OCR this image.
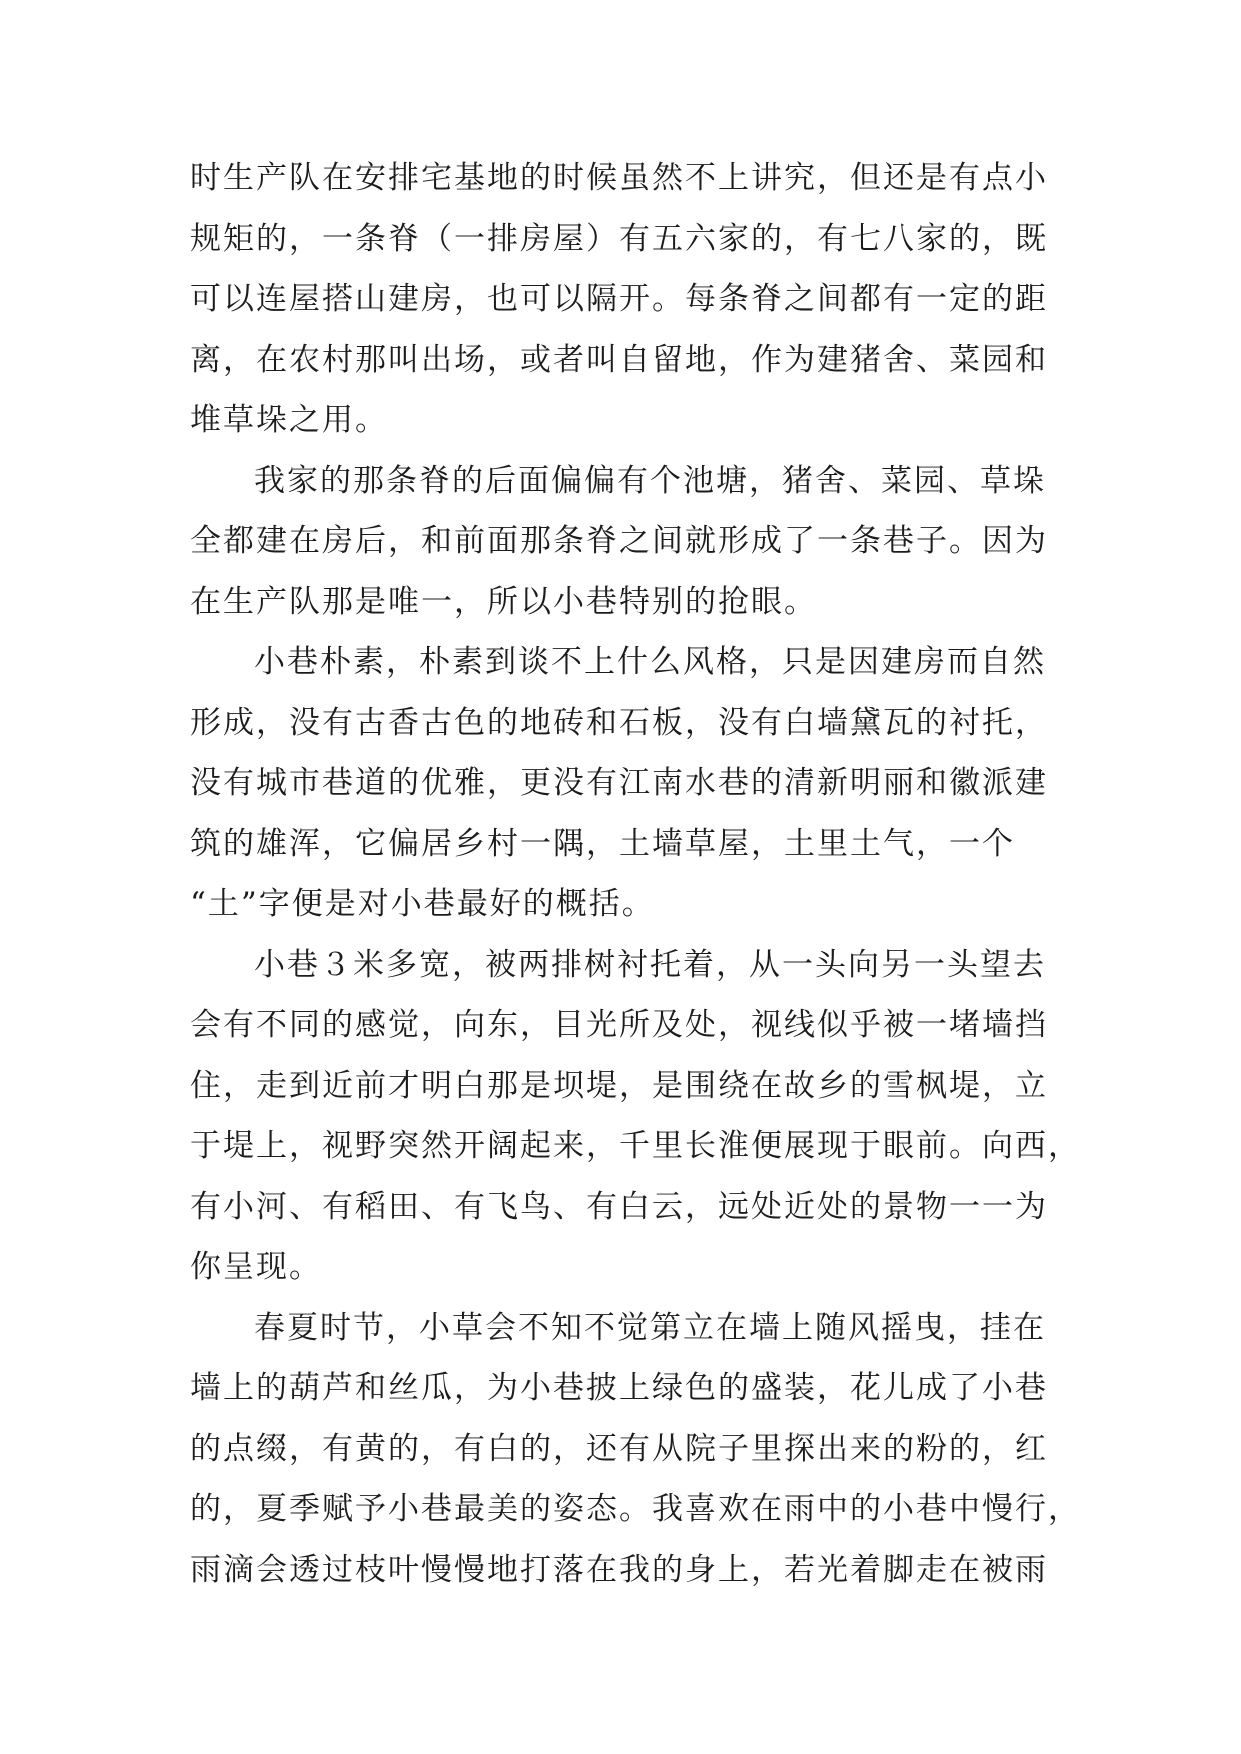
时生产队在安排宅基地的时候虽然不上讲究，但还是有点小
规矩的，一条脊（一排房屋）有五六家的，有七八家的，既
可以连屋搭山建房，也可以隔开。每条脊之间都有一定的距
离，在农村那叫出场，或者叫自留地，作为建猪舍、菜园和
堆草垛之用。
我家的那条脊的后面偏偏有个池塘，猪舍、菜园、草垛
全都建在房后，和前面那条脊之间就形成了一条巷子。因为
在生产队那是唯一，所以小巷特别的抢眼。
小巷朴素，朴素到谈不上什么风格，只是因建房而自然
形成，没有古香古色的地砖和石板，没有白墙黛瓦的衬托，
没有城市巷道的优雅，更没有江南水巷的清新明丽和徽派建
筑的雄浑，它偏居乡村一隅，土墙草屋，土里土气，一个
“土”字便是对小巷最好的概括。
小巷３米多宽，被两排树衬托着，从一头向另一头望去
会有不同的感觉，向东，目光所及处，视线似乎被一堵墙挡
住，走到近前才明白那是坝堤，是围绕在故乡的雪枫堤，立
于堤上，视野突然开阔起来，千里长淮便展现于眼前。向西，
有小河、有稻田、有飞鸟、有白云，远处近处的景物一一为
你呈现。
春夏时节，小草会不知不觉第立在墙上随风摇曳，挂在
墙上的葫芦和丝瓜，为小巷披上绿色的盛装，花儿成了小巷
的点缀，有黄的，有白的，还有从院子里探出来的粉的，红
的，夏季赋予小巷最美的姿态。我喜欢在雨中的小巷中慢行，
雨滴会透过枝叶慢慢地打落在我的身上，若光着脚走在被雨
